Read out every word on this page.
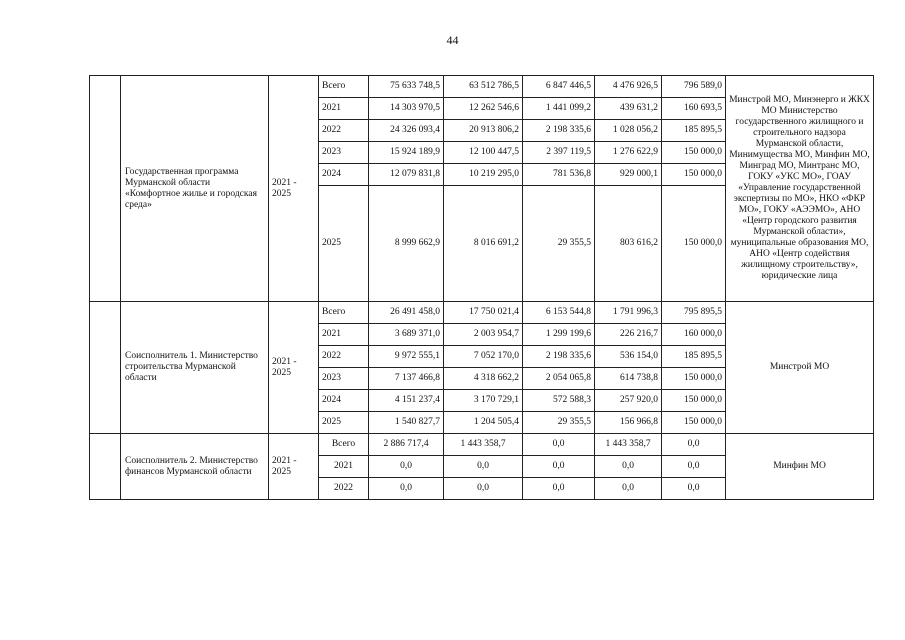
44
	Государственная программа Мурманской области «Комфортное жилье и городская среда»	2021 - 2025	Всего	75 633 748,5	63 512 786,5	6 847 446,5	4 476 926,5	796 589,0	Минстрой МО, Минэнерго и ЖКХ МО Министерство государственного жилищного и строительного надзора Мурманской области, Минимущества МО, Минфин МО, Минград МО, Минтранс МО, ГОКУ «УКС МО», ГОАУ «Управление государственной экспертизы по МО», НКО «ФКР МО», ГОКУ «АЭЭМО», АНО «Центр городского развития Мурманской области», муниципальные образования МО, АНО «Центр содействия жилищному строительству», юридические лица
			2021	14 303 970,5	12 262 546,6	1 441 099,2	439 631,2	160 693,5	
			2022	24 326 093,4	20 913 806,2	2 198 335,6	1 028 056,2	185 895,5	
			2023	15 924 189,9	12 100 447,5	2 397 119,5	1 276 622,9	150 000,0	
			2024	12 079 831,8	10 219 295,0	781 536,8	929 000,1	150 000,0	
			2025	8 999 662,9	8 016 691,2	29 355,5	803 616,2	150 000,0	
	Соисполнитель 1. Министерство строительства Мурманской области	2021 - 2025	Всего	26 491 458,0	17 750 021,4	6 153 544,8	1 791 996,3	795 895,5	Минстрой МО
			2021	3 689 371,0	2 003 954,7	1 299 199,6	226 216,7	160 000,0	
			2022	9 972 555,1	7 052 170,0	2 198 335,6	536 154,0	185 895,5	
			2023	7 137 466,8	4 318 662,2	2 054 065,8	614 738,8	150 000,0	
			2024	4 151 237,4	3 170 729,1	572 588,3	257 920,0	150 000,0	
			2025	1 540 827,7	1 204 505,4	29 355,5	156 966,8	150 000,0	
	Соисполнитель 2. Министерство финансов Мурманской области	2021 - 2025	Всего	2 886 717,4	1 443 358,7	0,0	1 443 358,7	0,0	Минфин МО
			2021	0,0	0,0	0,0	0,0	0,0	
			2022	0,0	0,0	0,0	0,0	0,0	
